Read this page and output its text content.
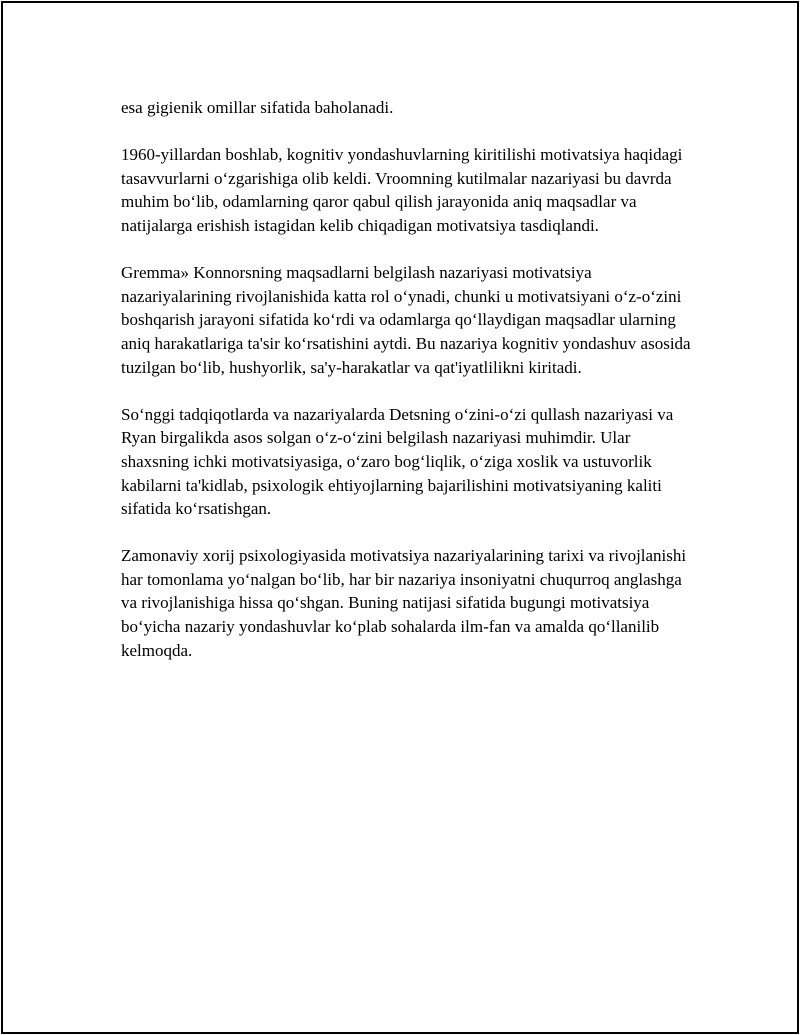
esa gigienik omillar sifatida baholanadi.

1960-yillardan boshlab, kognitiv yondashuvlarning kiritilishi motivatsiya haqidagi tasavvurlarni o‘zgarishiga olib keldi. Vroomning kutilmalar nazariyasi bu davrda muhim bo‘lib, odamlarning qaror qabul qilish jarayonida aniq maqsadlar va natijalarga erishish istagidan kelib chiqadigan motivatsiya tasdiqlandi.

Gremma» Konnorsning maqsadlarni belgilash nazariyasi motivatsiya nazariyalarining rivojlanishida katta rol o‘ynadi, chunki u motivatsiyani o‘z-o‘zini boshqarish jarayoni sifatida ko‘rdi va odamlarga qo‘llaydigan maqsadlar ularning aniq harakatlariga ta'sir ko‘rsatishini aytdi. Bu nazariya kognitiv yondashuv asosida tuzilgan bo‘lib, hushyorlik, sa'y-harakatlar va qat'iyatlilikni kiritadi.

So‘nggi tadqiqotlarda va nazariyalarda Detsning o‘zini-o‘zi qullash nazariyasi va Ryan birgalikda asos solgan o‘z-o‘zini belgilash nazariyasi muhimdir. Ular shaxsning ichki motivatsiyasiga, o‘zaro bog‘liqlik, o‘ziga xoslik va ustuvorlik kabilarni ta'kidlab, psixologik ehtiyojlarning bajarilishini motivatsiyaning kaliti sifatida ko‘rsatishgan.

Zamonaviy xorij psixologiyasida motivatsiya nazariyalarining tarixi va rivojlanishi har tomonlama yo‘nalgan bo‘lib, har bir nazariya insoniyatni chuqurroq anglashga va rivojlanishiga hissa qo‘shgan. Buning natijasi sifatida bugungi motivatsiya bo‘yicha nazariy yondashuvlar ko‘plab sohalarda ilm-fan va amalda qo‘llanilib kelmoqda.
